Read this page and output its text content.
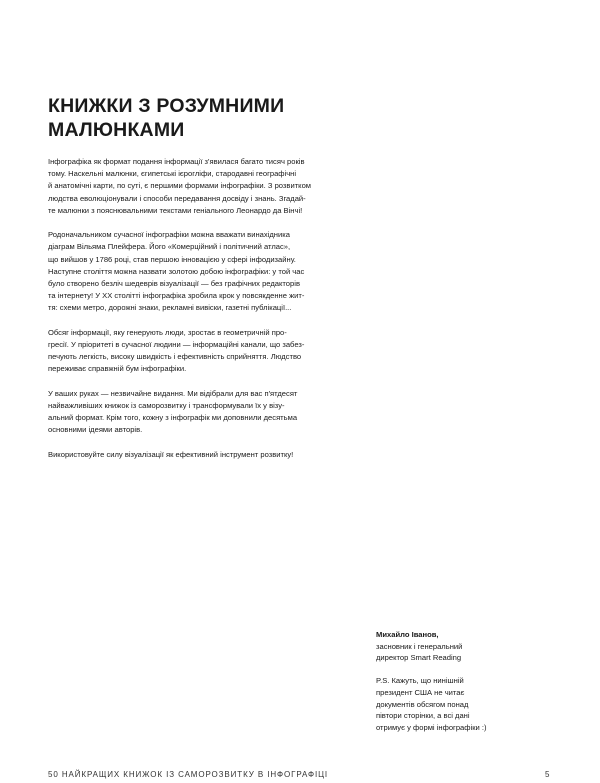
КНИЖКИ З РОЗУМНИМИ
МАЛЮНКАМИ

Інфографіка як формат подання інформації з'явилася багато тисяч років
тому. Наскельні малюнки, єгипетські ієрогліфи, стародавні географічні
й анатомічні карти, по суті, є першими формами інфографіки. З розвитком
людства еволюціонували і способи передавання досвіду і знань. Згадай-
те малюнки з пояснювальними текстами геніального Леонардо да Вінчі!

Родоначальником сучасної інфографіки можна вважати винахідника
діаграм Вільяма Плейфера. Його «Комерційний і політичний атлас»,
що вийшов у 1786 році, став першою інновацією у сфері інфодизайну.
Наступне століття можна назвати золотою добою інфографіки: у той час
було створено безліч шедеврів візуалізації — без графічних редакторів
та інтернету! У XX столітті інфографіка зробила крок у повсякденне жит-
тя: схеми метро, дорожні знаки, рекламні вивіски, газетні публікації...

Обсяг інформації, яку генерують люди, зростає в геометричній про-
гресії. У пріоритеті в сучасної людини — інформаційні канали, що забез-
печують легкість, високу швидкість і ефективність сприйняття. Людство
переживає справжній бум інфографіки.

У ваших руках — незвичайне видання. Ми відібрали для вас п'ятдесят
найважливіших книжок із саморозвитку і трансформували їх у візу-
альний формат. Крім того, кожну з інфографік ми доповнили десятьма
основними ідеями авторів.

Використовуйте силу візуалізації як ефективний інструмент розвитку!

Михайло Іванов,
засновник і генеральний
директор Smart Reading
P.S. Кажуть, що нинішній
президент США не читає
документів обсягом понад
півтори сторінки, а всі дані
отримує у формі інфографіки :)
50 НАЙКРАЩИХ КНИЖОК ІЗ САМОРОЗВИТКУ В ІНФОГРАФІЦІ	5
